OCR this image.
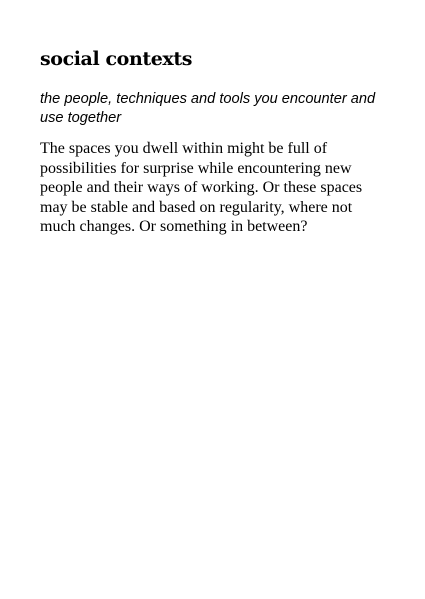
social contexts

the people, techniques and tools you encounter and use together

The spaces you dwell within might be full of possibilities for surprise while encountering new people and their ways of working. Or these spaces may be stable and based on regularity, where not much changes. Or something in between?
